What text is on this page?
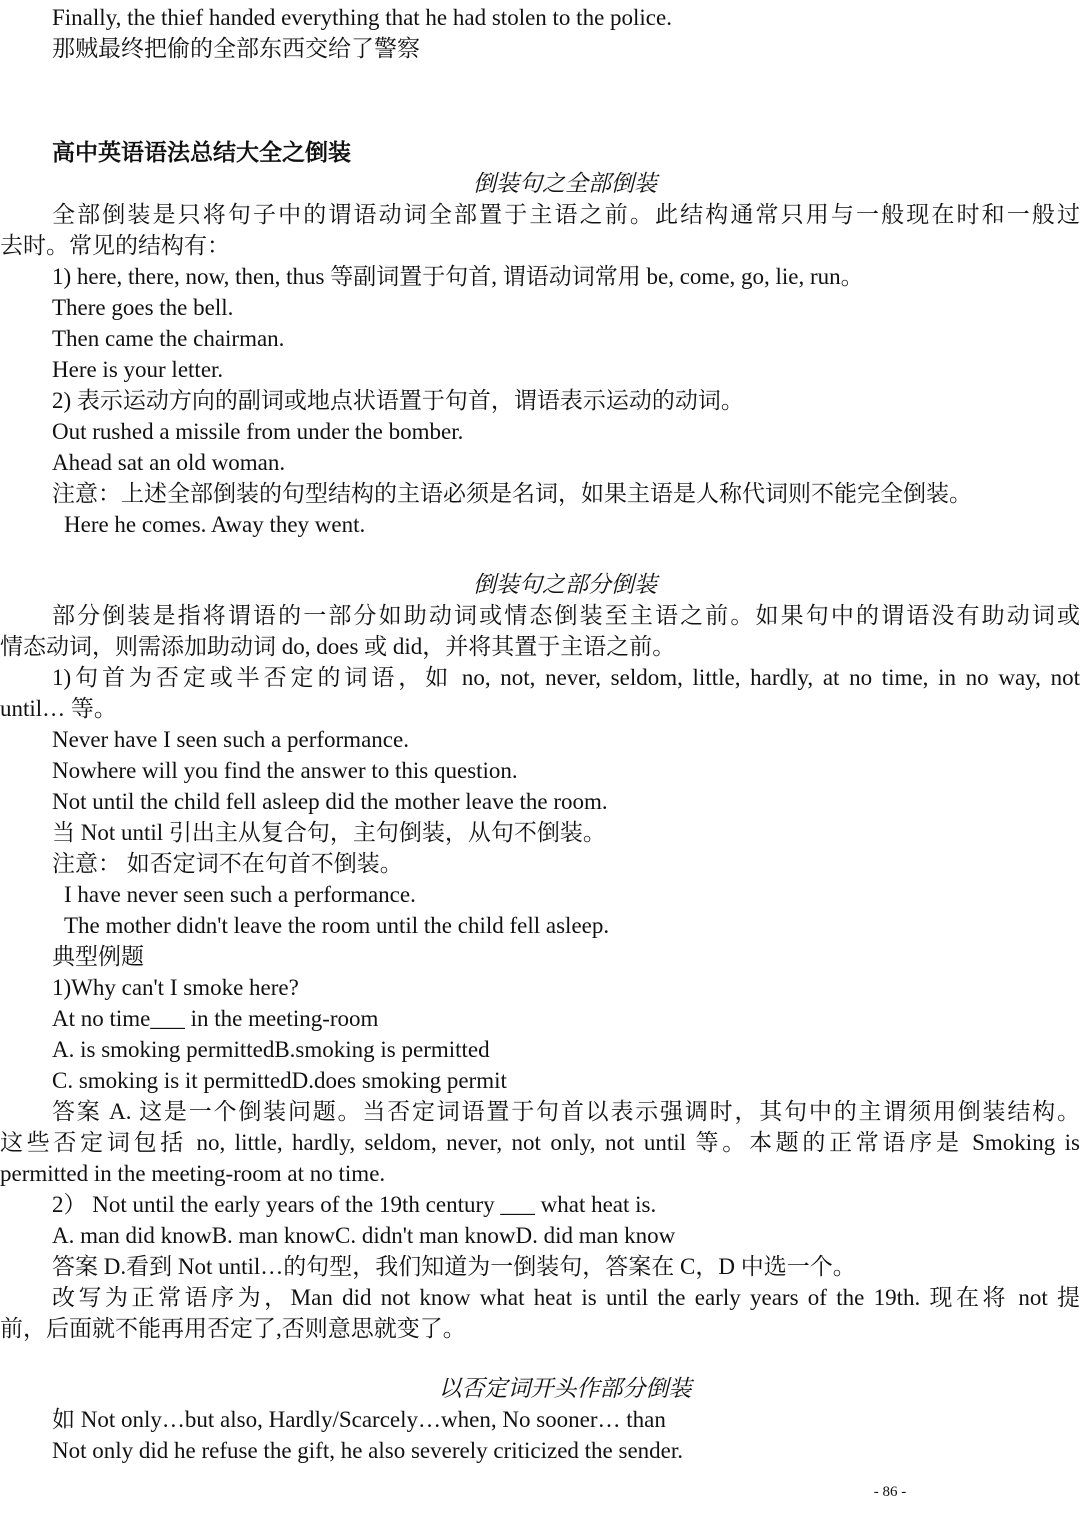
Finally, the thief handed everything that he had stolen to the police.
那贼最终把偷的全部东西交给了警察
高中英语语法总结大全之倒装
倒装句之全部倒装
全部倒装是只将句子中的谓语动词全部置于主语之前。此结构通常只用与一般现在时和一般过
去时。常见的结构有：
1) here, there, now, then, thus 等副词置于句首, 谓语动词常用 be, come, go, lie, run。
There goes the bell.
Then came the chairman.
Here is your letter.
2) 表示运动方向的副词或地点状语置于句首，谓语表示运动的动词。
Out rushed a missile from under the bomber.
Ahead sat an old woman.
注意：上述全部倒装的句型结构的主语必须是名词，如果主语是人称代词则不能完全倒装。
Here he comes. Away they went.
倒装句之部分倒装
部分倒装是指将谓语的一部分如助动词或情态倒装至主语之前。如果句中的谓语没有助动词或
情态动词，则需添加助动词 do, does 或 did，并将其置于主语之前。
1)句首为否定或半否定的词语，如 no, not, never, seldom, little, hardly, at no time, in no way, not
until… 等。
Never have I seen such a performance.
Nowhere will you find the answer to this question.
Not until the child fell asleep did the mother leave the room.
当 Not until 引出主从复合句，主句倒装，从句不倒装。
注意： 如否定词不在句首不倒装。
I have never seen such a performance.
The mother didn't leave the room until the child fell asleep.
典型例题
1)Why can't I smoke here?
At no time___ in the meeting-room
A. is smoking permittedB.smoking is permitted
C. smoking is it permittedD.does smoking permit
答案 A. 这是一个倒装问题。当否定词语置于句首以表示强调时，其句中的主谓须用倒装结构。
这些否定词包括 no, little, hardly, seldom, never, not only, not until 等。本题的正常语序是 Smoking is
permitted in the meeting-room at no time.
2） Not until the early years of the 19th century ___ what heat is.
A. man did knowB. man knowC. didn't man knowD. did man know
答案 D.看到 Not until…的句型，我们知道为一倒装句，答案在 C，D 中选一个。
改写为正常语序为，Man did not know what heat is until the early years of the 19th. 现在将 not 提
前，后面就不能再用否定了,否则意思就变了。
以否定词开头作部分倒装
如 Not only…but also, Hardly/Scarcely…when, No sooner… than
Not only did he refuse the gift, he also severely criticized the sender.
- 86 -
